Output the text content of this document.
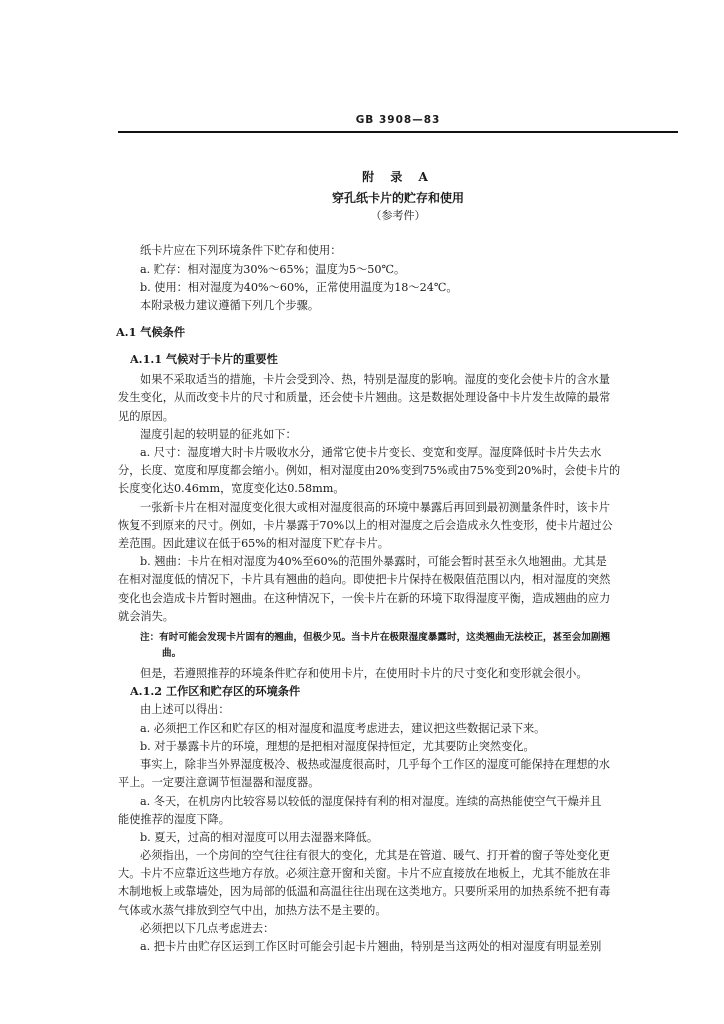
GB 3908—83
附 录 A
穿孔纸卡片的贮存和使用
（参考件）
纸卡片应在下列环境条件下贮存和使用：
a. 贮存：相对湿度为30%～65%；温度为5～50℃。
b. 使用：相对湿度为40%～60%，正常使用温度为18～24℃。
本附录极力建议遵循下列几个步骤。
A.1 气候条件
A.1.1 气候对于卡片的重要性
如果不采取适当的措施，卡片会受到冷、热，特别是湿度的影响。湿度的变化会使卡片的含水量
发生变化，从而改变卡片的尺寸和质量，还会使卡片翘曲。这是数据处理设备中卡片发生故障的最常
见的原因。
湿度引起的较明显的征兆如下：
a. 尺寸：湿度增大时卡片吸收水分，通常它使卡片变长、变宽和变厚。湿度降低时卡片失去水
分，长度、宽度和厚度都会缩小。例如，相对湿度由20%变到75%或由75%变到20%时，会使卡片的
长度变化达0.46mm，宽度变化达0.58mm。
一张新卡片在相对湿度变化很大或相对湿度很高的环境中暴露后再回到最初测量条件时，该卡片
恢复不到原来的尺寸。例如，卡片暴露于70%以上的相对湿度之后会造成永久性变形，使卡片超过公
差范围。因此建议在低于65%的相对湿度下贮存卡片。
b. 翘曲：卡片在相对湿度为40%至60%的范围外暴露时，可能会暂时甚至永久地翘曲。尤其是
在相对湿度低的情况下，卡片具有翘曲的趋向。即使把卡片保持在极限值范围以内，相对湿度的突然
变化也会造成卡片暂时翘曲。在这种情况下，一俟卡片在新的环境下取得湿度平衡，造成翘曲的应力
就会消失。
注：有时可能会发现卡片固有的翘曲，但极少见。当卡片在极限湿度暴露时，这类翘曲无法校正，甚至会加剧翘
曲。
但是，若遵照推荐的环境条件贮存和使用卡片，在使用时卡片的尺寸变化和变形就会很小。
A.1.2 工作区和贮存区的环境条件
由上述可以得出：
a. 必须把工作区和贮存区的相对湿度和温度考虑进去，建议把这些数据记录下来。
b. 对于暴露卡片的环境，理想的是把相对湿度保持恒定，尤其要防止突然变化。
事实上，除非当外界湿度极冷、极热或湿度很高时，几乎每个工作区的湿度可能保持在理想的水
平上。一定要注意调节恒湿器和湿度器。
a. 冬天，在机房内比较容易以较低的湿度保持有利的相对湿度。连续的高热能使空气干燥并且
能使推荐的湿度下降。
b. 夏天，过高的相对湿度可以用去湿器来降低。
必须指出，一个房间的空气往往有很大的变化，尤其是在管道、暖气、打开着的窗子等处变化更
大。卡片不应靠近这些地方存放。必须注意开窗和关窗。卡片不应直接放在地板上，尤其不能放在非
木制地板上或靠墙处，因为局部的低温和高温往往出现在这类地方。只要所采用的加热系统不把有毒
气体或水蒸气排放到空气中出，加热方法不是主要的。
必须把以下几点考虑进去：
a. 把卡片由贮存区运到工作区时可能会引起卡片翘曲，特别是当这两处的相对湿度有明显差别
